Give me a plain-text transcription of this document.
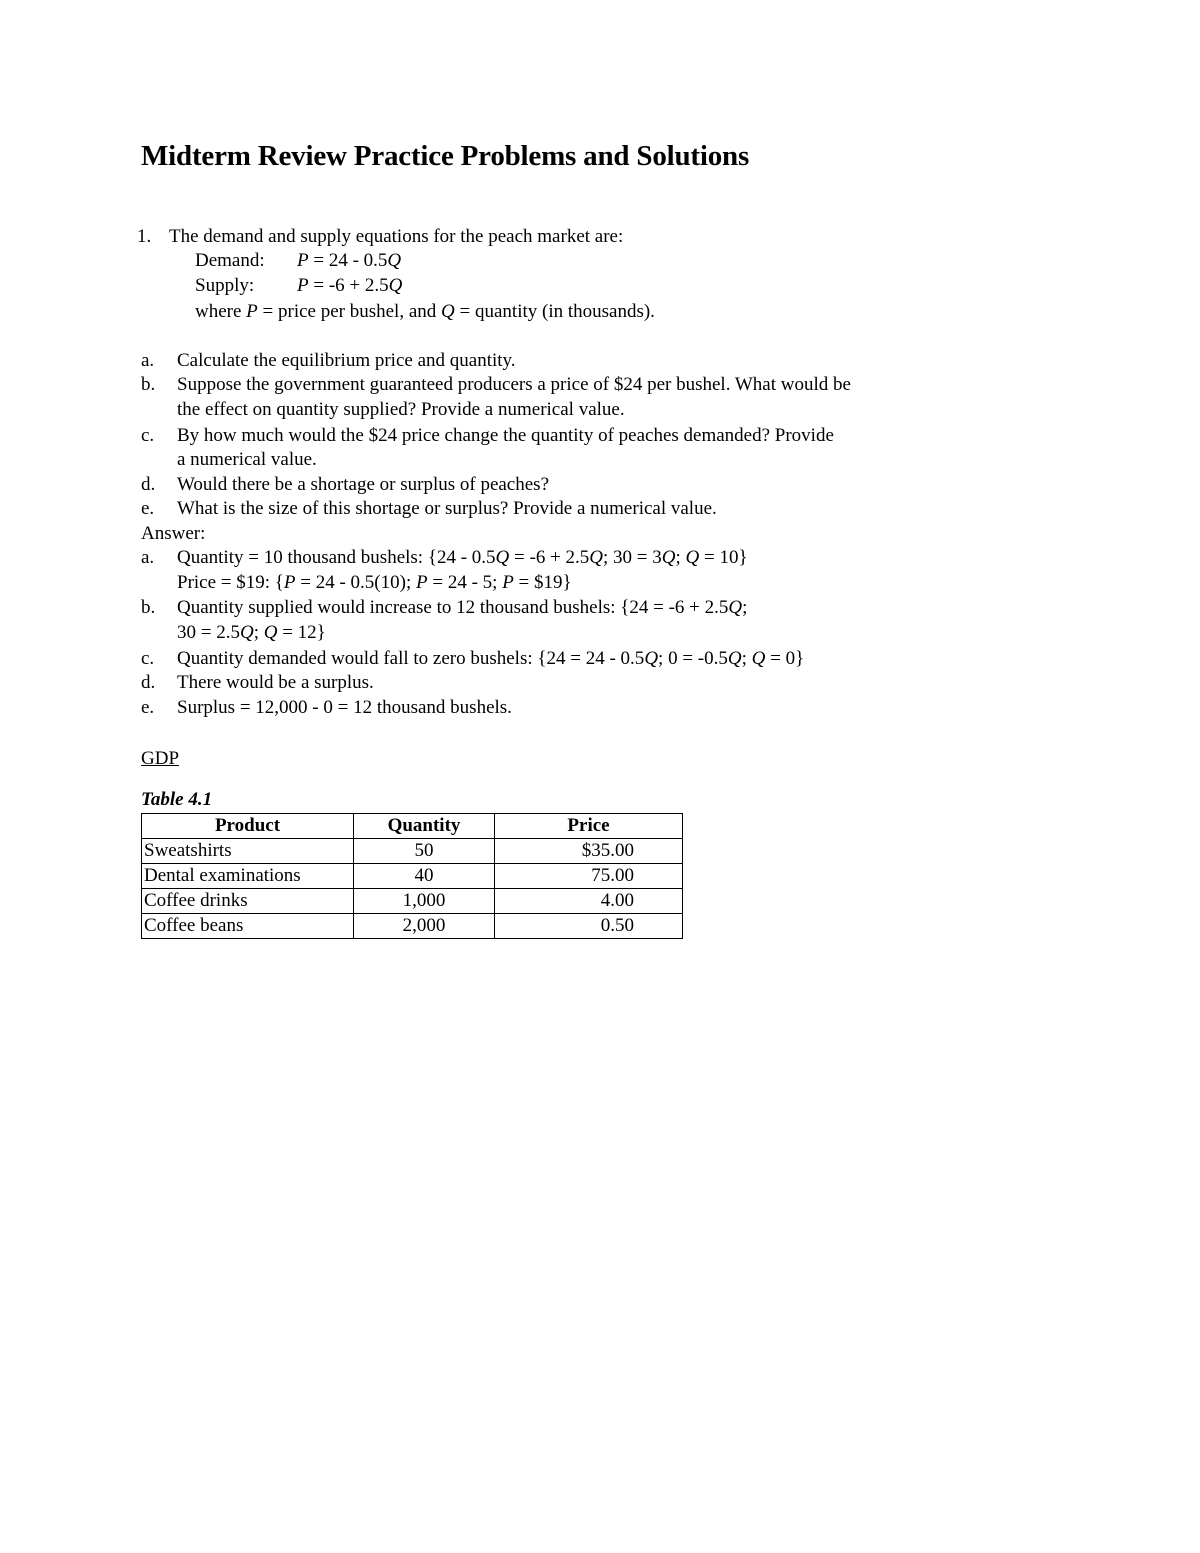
Midterm Review Practice Problems and Solutions
1. The demand and supply equations for the peach market are:
Demand: P = 24 - 0.5Q
Supply: P = -6 + 2.5Q
where P = price per bushel, and Q = quantity (in thousands).
a. Calculate the equilibrium price and quantity.
b. Suppose the government guaranteed producers a price of $24 per bushel. What would be
the effect on quantity supplied? Provide a numerical value.
c. By how much would the $24 price change the quantity of peaches demanded? Provide
a numerical value.
d. Would there be a shortage or surplus of peaches?
e. What is the size of this shortage or surplus? Provide a numerical value.
Answer:
a. Quantity = 10 thousand bushels: {24 - 0.5Q = -6 + 2.5Q; 30 = 3Q; Q = 10}
Price = $19: {P = 24 - 0.5(10); P = 24 - 5; P = $19}
b. Quantity supplied would increase to 12 thousand bushels: {24 = -6 + 2.5Q;
30 = 2.5Q; Q = 12}
c. Quantity demanded would fall to zero bushels: {24 = 24 - 0.5Q; 0 = -0.5Q; Q = 0}
d. There would be a surplus.
e. Surplus = 12,000 - 0 = 12 thousand bushels.
GDP
Table 4.1
Product	Quantity	Price
Sweatshirts	50	$35.00
Dental examinations	40	75.00
Coffee drinks	1,000	4.00
Coffee beans	2,000	0.50
